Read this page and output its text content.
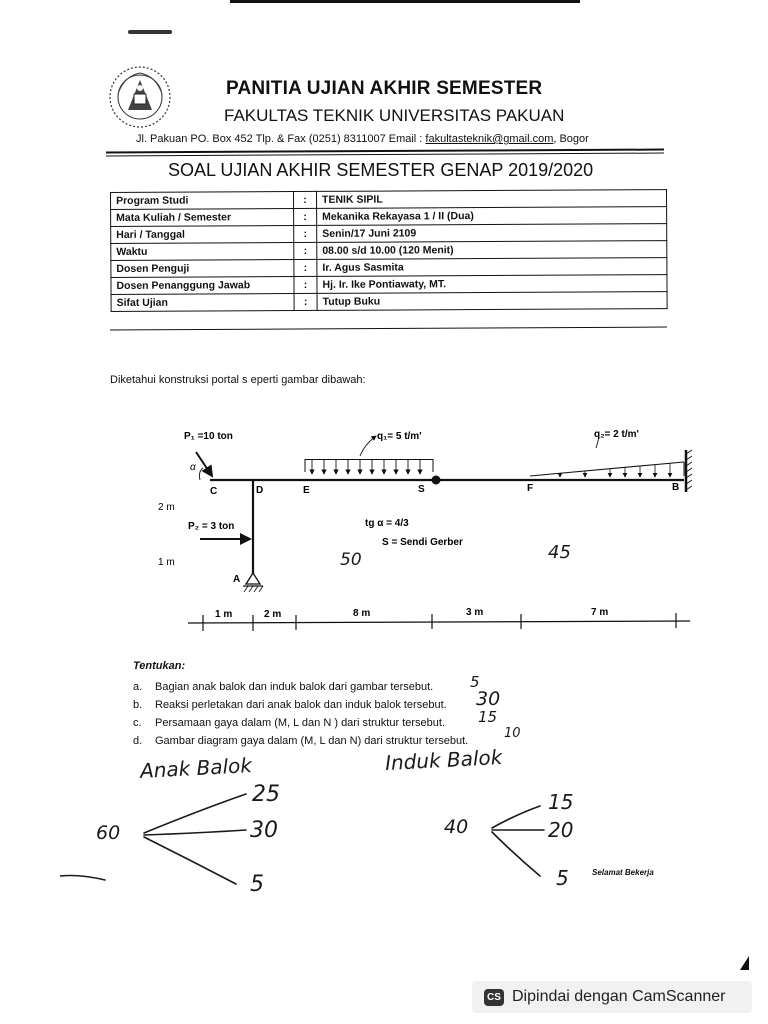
PANITIA UJIAN AKHIR SEMESTER
FAKULTAS TEKNIK UNIVERSITAS PAKUAN
Jl. Pakuan PO. Box 452 Tlp. & Fax (0251) 8311007 Email : fakultasteknik@gmail.com, Bogor
SOAL UJIAN AKHIR SEMESTER GENAP 2019/2020
Program Studi	:	TENIK SIPIL
Mata Kuliah / Semester	:	Mekanika Rekayasa 1 / II (Dua)
Hari / Tanggal	:	Senin/17 Juni 2109
Waktu	:	08.00 s/d 10.00 (120 Menit)
Dosen Penguji	:	Ir. Agus Sasmita
Dosen Penanggung Jawab	:	Hj. Ir. Ike Pontiawaty, MT.
Sifat Ujian	:	Tutup Buku
Diketahui konstruksi portal s eperti gambar dibawah:
P₁ =10 ton	q₁= 5 t/m'	q₂= 2 t/m'
α
C	D	E	S	F	B
A
2 m
1 m
P₂ = 3 ton	tg α = 4/3
S = Sendi Gerber
1 m	2 m	8 m	3 m	7 m
50	45
Tentukan:
a. Bagian anak balok dan induk balok dari gambar tersebut.
b. Reaksi perletakan dari anak balok dan induk balok tersebut.
c. Persamaan gaya dalam (M, L dan N ) dari struktur tersebut.
d. Gambar diagram gaya dalam (M, L dan N) dari struktur tersebut.
5
30
15
10
Anak Balok	Induk Balok
60
25
30
5
40
15
20
5	Selamat Bekerja
CS Dipindai dengan CamScanner
